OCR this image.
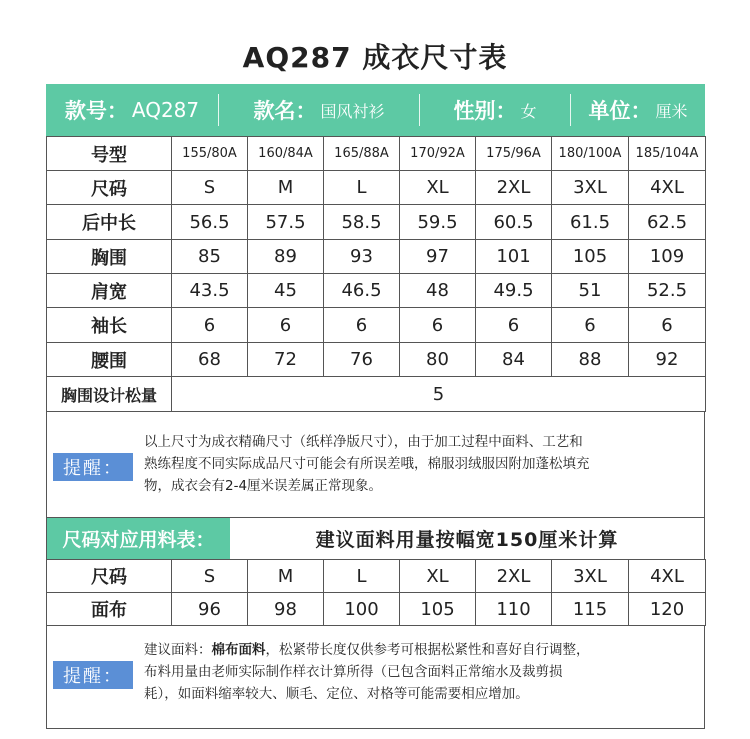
AQ287 成衣尺寸表
款号： AQ287	款名： 国风衬衫	性别： 女 单位： 厘米
号型	155/80A	160/84A	165/88A	170/92A	175/96A	180/100A	185/104A
尺码	S	M	L	XL	2XL	3XL	4XL
后中长	56.5	57.5	58.5	59.5	60.5	61.5	62.5
胸围	85	89	93	97	101	105	109
肩宽	43.5	45	46.5	48	49.5	51	52.5
袖长	6	6	6	6	6	6	6
腰围	68	72	76	80	84	88	92
胸围设计松量	5						
提醒：
以上尺寸为成衣精确尺寸（纸样净版尺寸），由于加工过程中面料、工艺和
熟练程度不同实际成品尺寸可能会有所误差哦，棉服羽绒服因附加蓬松填充
物，成衣会有2-4厘米误差属正常现象。
尺码对应用料表：	建议面料用量按幅宽150厘米计算
尺码	S	M	L	XL	2XL	3XL	4XL
面布	96	98	100	105	110	115	120
提醒：
建议面料：棉布面料，松紧带长度仅供参考可根据松紧性和喜好自行调整，
布料用量由老师实际制作样衣计算所得（已包含面料正常缩水及裁剪损
耗），如面料缩率较大、顺毛、定位、对格等可能需要相应增加。
